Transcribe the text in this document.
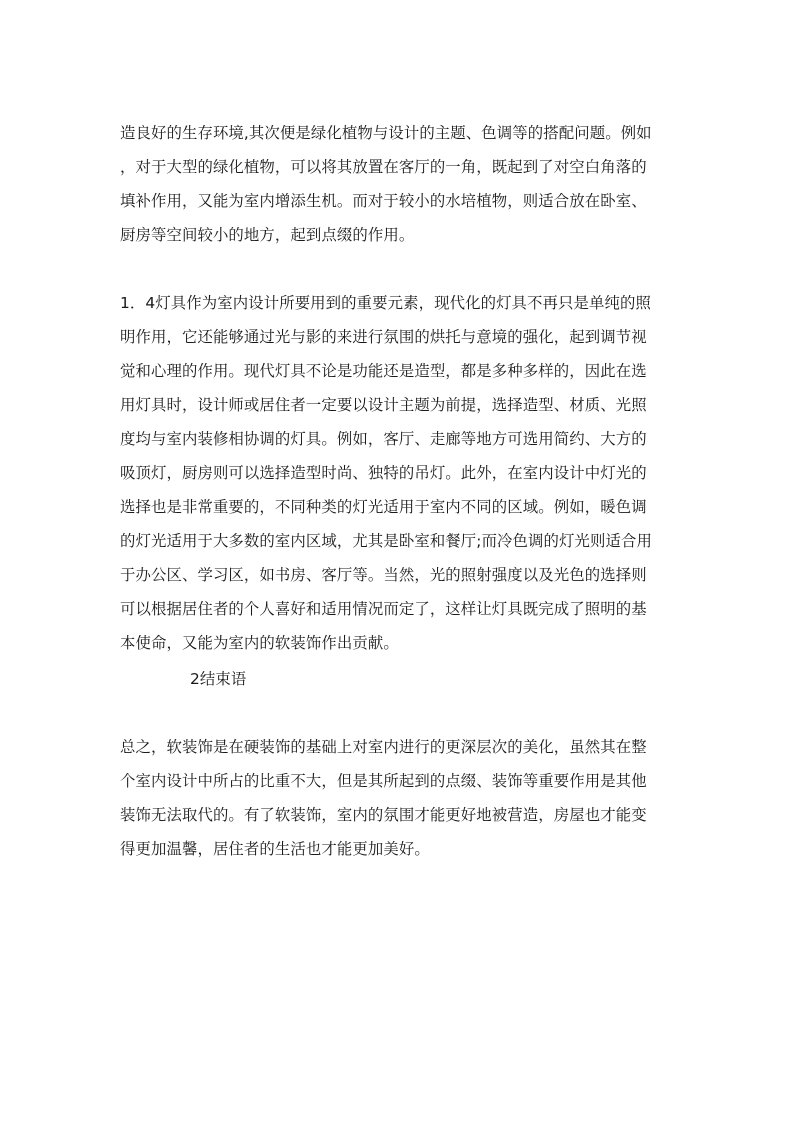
造良好的生存环境,其次便是绿化植物与设计的主题、色调等的搭配问题。例如
，对于大型的绿化植物，可以将其放置在客厅的一角，既起到了对空白角落的
填补作用，又能为室内增添生机。而对于较小的水培植物，则适合放在卧室、
厨房等空间较小的地方，起到点缀的作用。
1．4灯具作为室内设计所要用到的重要元素，现代化的灯具不再只是单纯的照
明作用，它还能够通过光与影的来进行氛围的烘托与意境的强化，起到调节视
觉和心理的作用。现代灯具不论是功能还是造型，都是多种多样的，因此在选
用灯具时，设计师或居住者一定要以设计主题为前提，选择造型、材质、光照
度均与室内装修相协调的灯具。例如，客厅、走廊等地方可选用简约、大方的
吸顶灯，厨房则可以选择造型时尚、独特的吊灯。此外，在室内设计中灯光的
选择也是非常重要的，不同种类的灯光适用于室内不同的区域。例如，暖色调
的灯光适用于大多数的室内区域，尤其是卧室和餐厅;而冷色调的灯光则适合用
于办公区、学习区，如书房、客厅等。当然，光的照射强度以及光色的选择则
可以根据居住者的个人喜好和适用情况而定了，这样让灯具既完成了照明的基
本使命，又能为室内的软装饰作出贡献。
2结束语
总之，软装饰是在硬装饰的基础上对室内进行的更深层次的美化，虽然其在整
个室内设计中所占的比重不大，但是其所起到的点缀、装饰等重要作用是其他
装饰无法取代的。有了软装饰，室内的氛围才能更好地被营造，房屋也才能变
得更加温馨，居住者的生活也才能更加美好。
